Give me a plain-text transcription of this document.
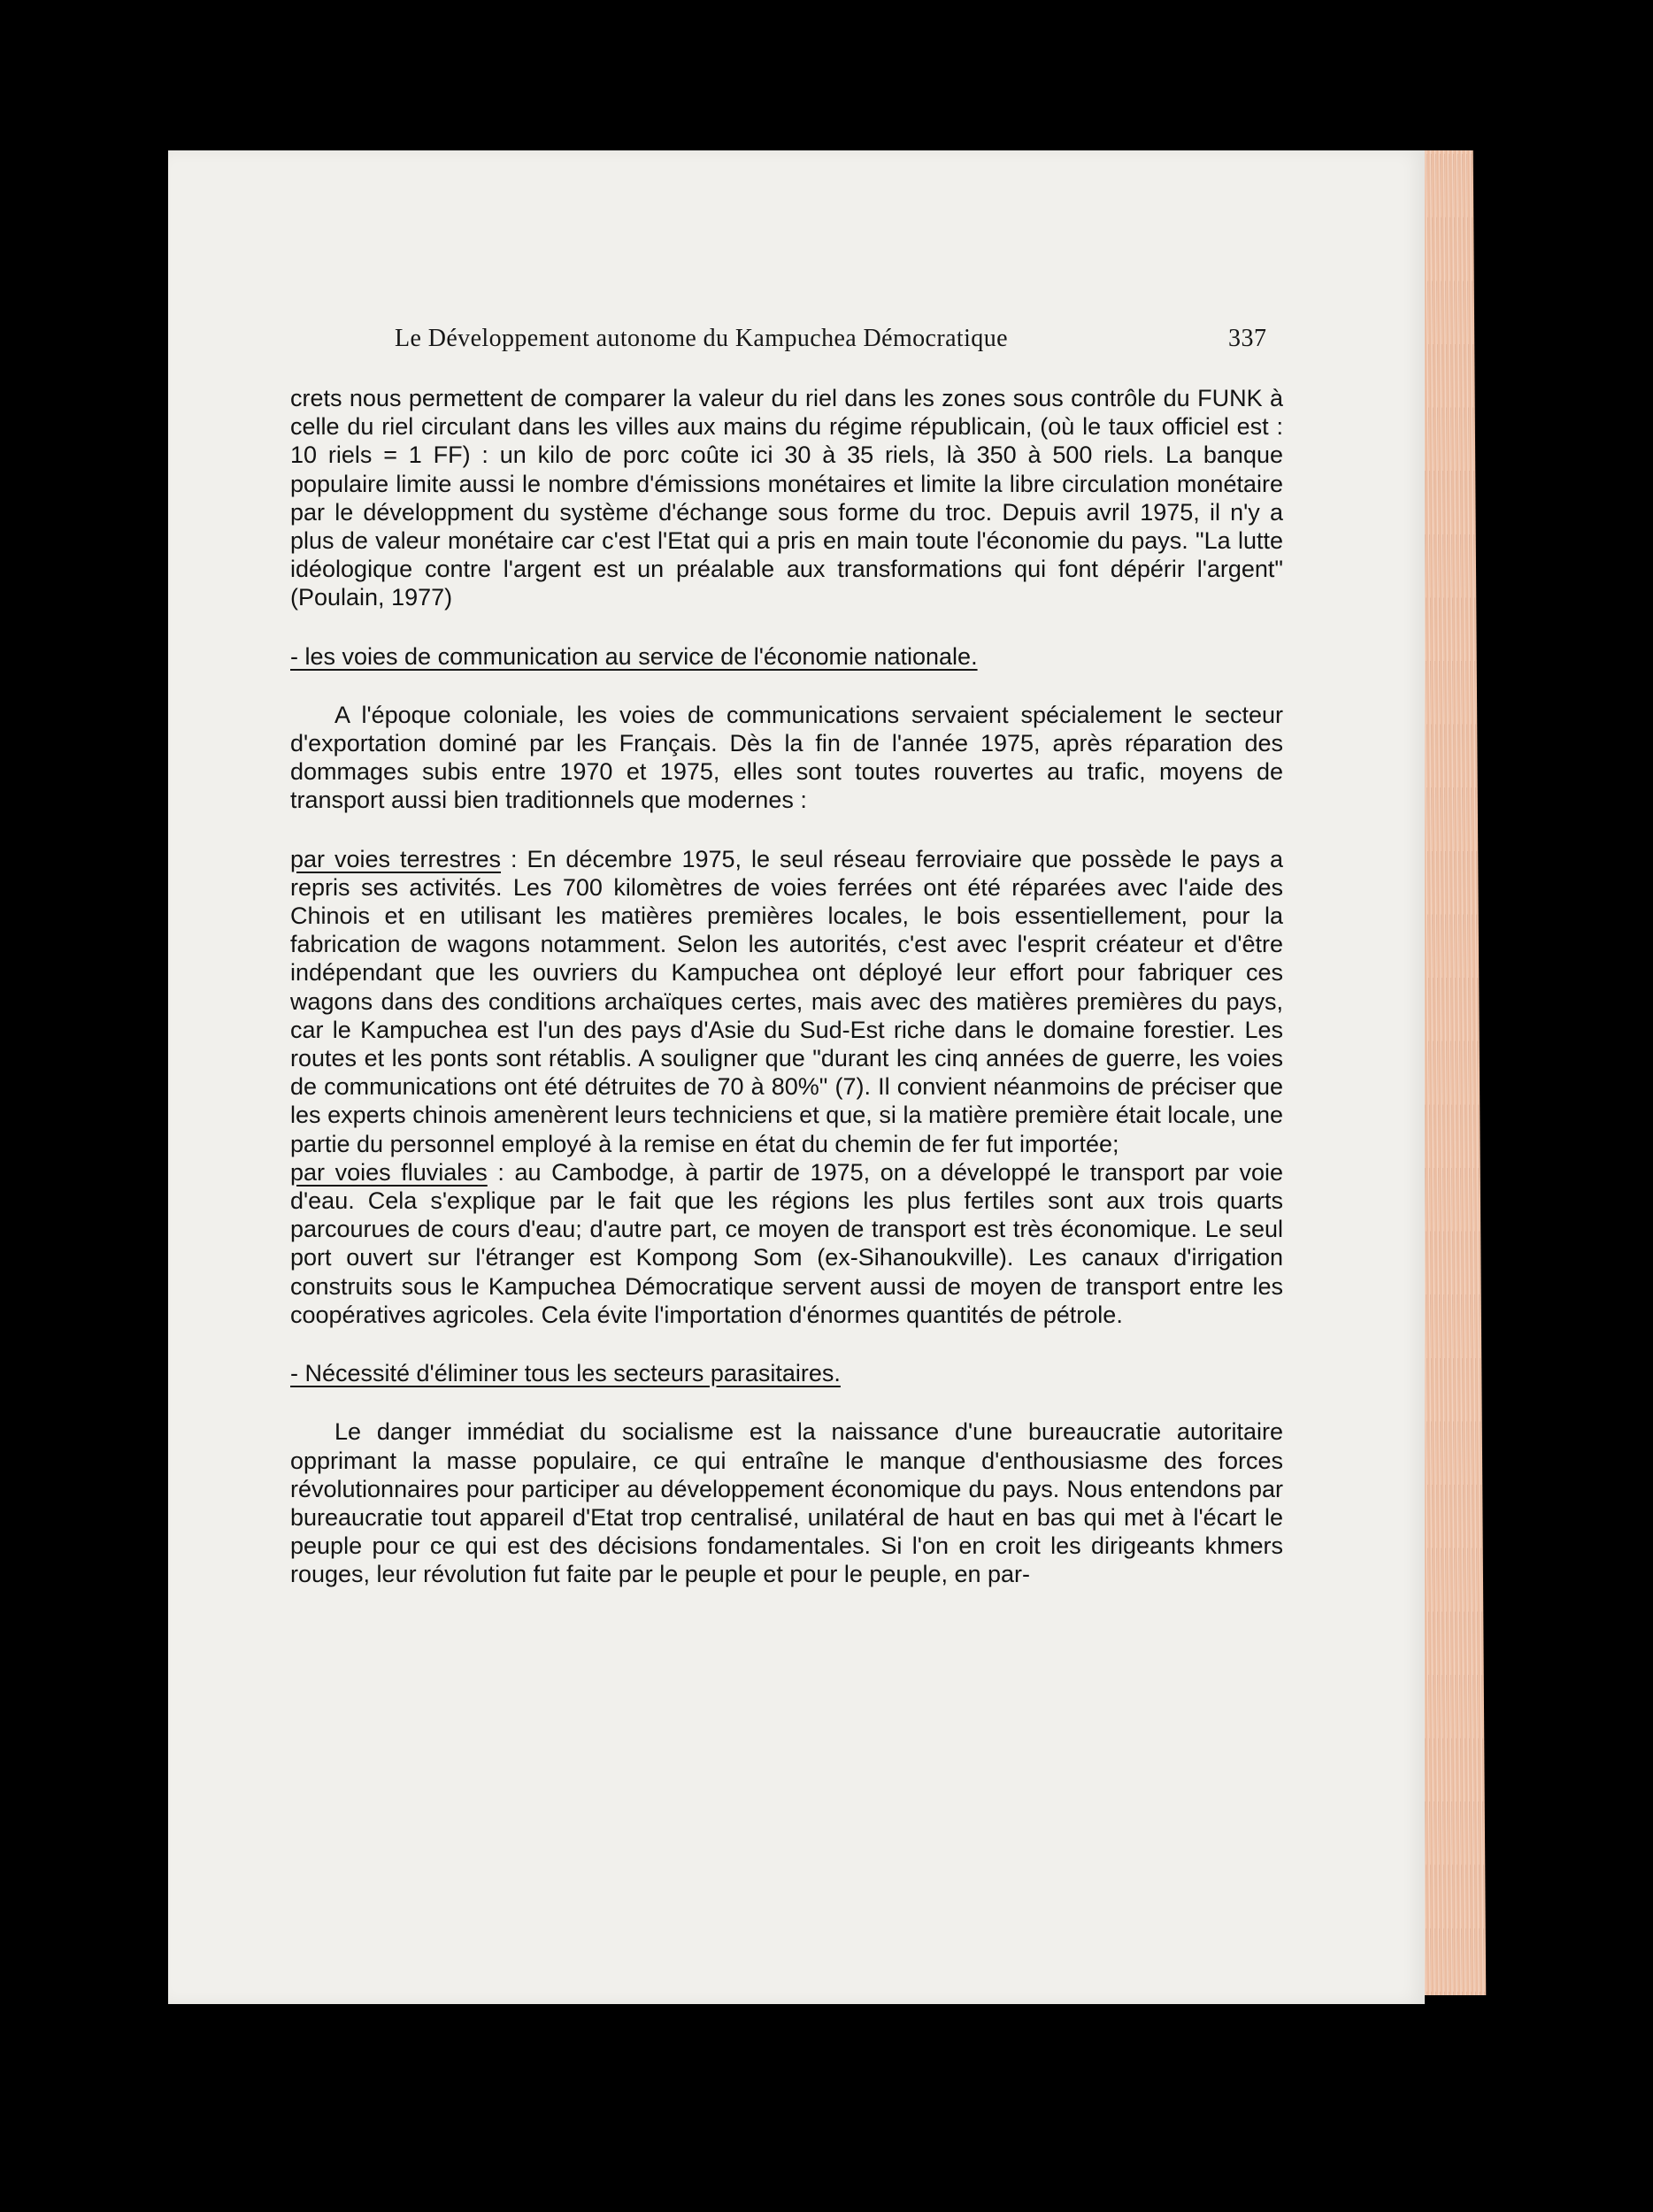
Le Développement autonome du Kampuchea Démocratique	337

crets nous permettent de comparer la valeur du riel dans les zones sous contrôle du FUNK à celle du riel circulant dans les villes aux mains du régime républicain, (où le taux officiel est : 10 riels = 1 FF) : un kilo de porc coûte ici 30 à 35 riels, là 350 à 500 riels. La banque populaire limite aussi le nombre d'émissions monétaires et limite la libre circulation monétaire par le développment du système d'échange sous forme du troc. Depuis avril 1975, il n'y a plus de valeur monétaire car c'est l'Etat qui a pris en main toute l'économie du pays. "La lutte idéologique contre l'argent est un préalable aux transformations qui font dépérir l'argent" (Poulain, 1977)

- les voies de communication au service de l'économie nationale.

A l'époque coloniale, les voies de communications servaient spécialement le secteur d'exportation dominé par les Français. Dès la fin de l'année 1975, après réparation des dommages subis entre 1970 et 1975, elles sont toutes rouvertes au trafic, moyens de transport aussi bien traditionnels que modernes :

par voies terrestres : En décembre 1975, le seul réseau ferroviaire que possède le pays a repris ses activités. Les 700 kilomètres de voies ferrées ont été réparées avec l'aide des Chinois et en utilisant les matières premières locales, le bois essentiellement, pour la fabrication de wagons notamment. Selon les autorités, c'est avec l'esprit créateur et d'être indépendant que les ouvriers du Kampuchea ont déployé leur effort pour fabriquer ces wagons dans des conditions archaïques certes, mais avec des matières premières du pays, car le Kampuchea est l'un des pays d'Asie du Sud-Est riche dans le domaine forestier. Les routes et les ponts sont rétablis. A souligner que "durant les cinq années de guerre, les voies de communications ont été détruites de 70 à 80%" (7). Il convient néanmoins de préciser que les experts chinois amenèrent leurs techniciens et que, si la matière première était locale, une partie du personnel employé à la remise en état du chemin de fer fut importée;

par voies fluviales : au Cambodge, à partir de 1975, on a développé le transport par voie d'eau. Cela s'explique par le fait que les régions les plus fertiles sont aux trois quarts parcourues de cours d'eau; d'autre part, ce moyen de transport est très économique. Le seul port ouvert sur l'étranger est Kompong Som (ex-Sihanoukville). Les canaux d'irrigation construits sous le Kampuchea Démocratique servent aussi de moyen de transport entre les coopératives agricoles. Cela évite l'importation d'énormes quantités de pétrole.

- Nécessité d'éliminer tous les secteurs parasitaires.

Le danger immédiat du socialisme est la naissance d'une bureaucratie autoritaire opprimant la masse populaire, ce qui entraîne le manque d'enthousiasme des forces révolutionnaires pour participer au développement économique du pays. Nous entendons par bureaucratie tout appareil d'Etat trop centralisé, unilatéral de haut en bas qui met à l'écart le peuple pour ce qui est des décisions fondamentales. Si l'on en croit les dirigeants khmers rouges, leur révolution fut faite par le peuple et pour le peuple, en par-
